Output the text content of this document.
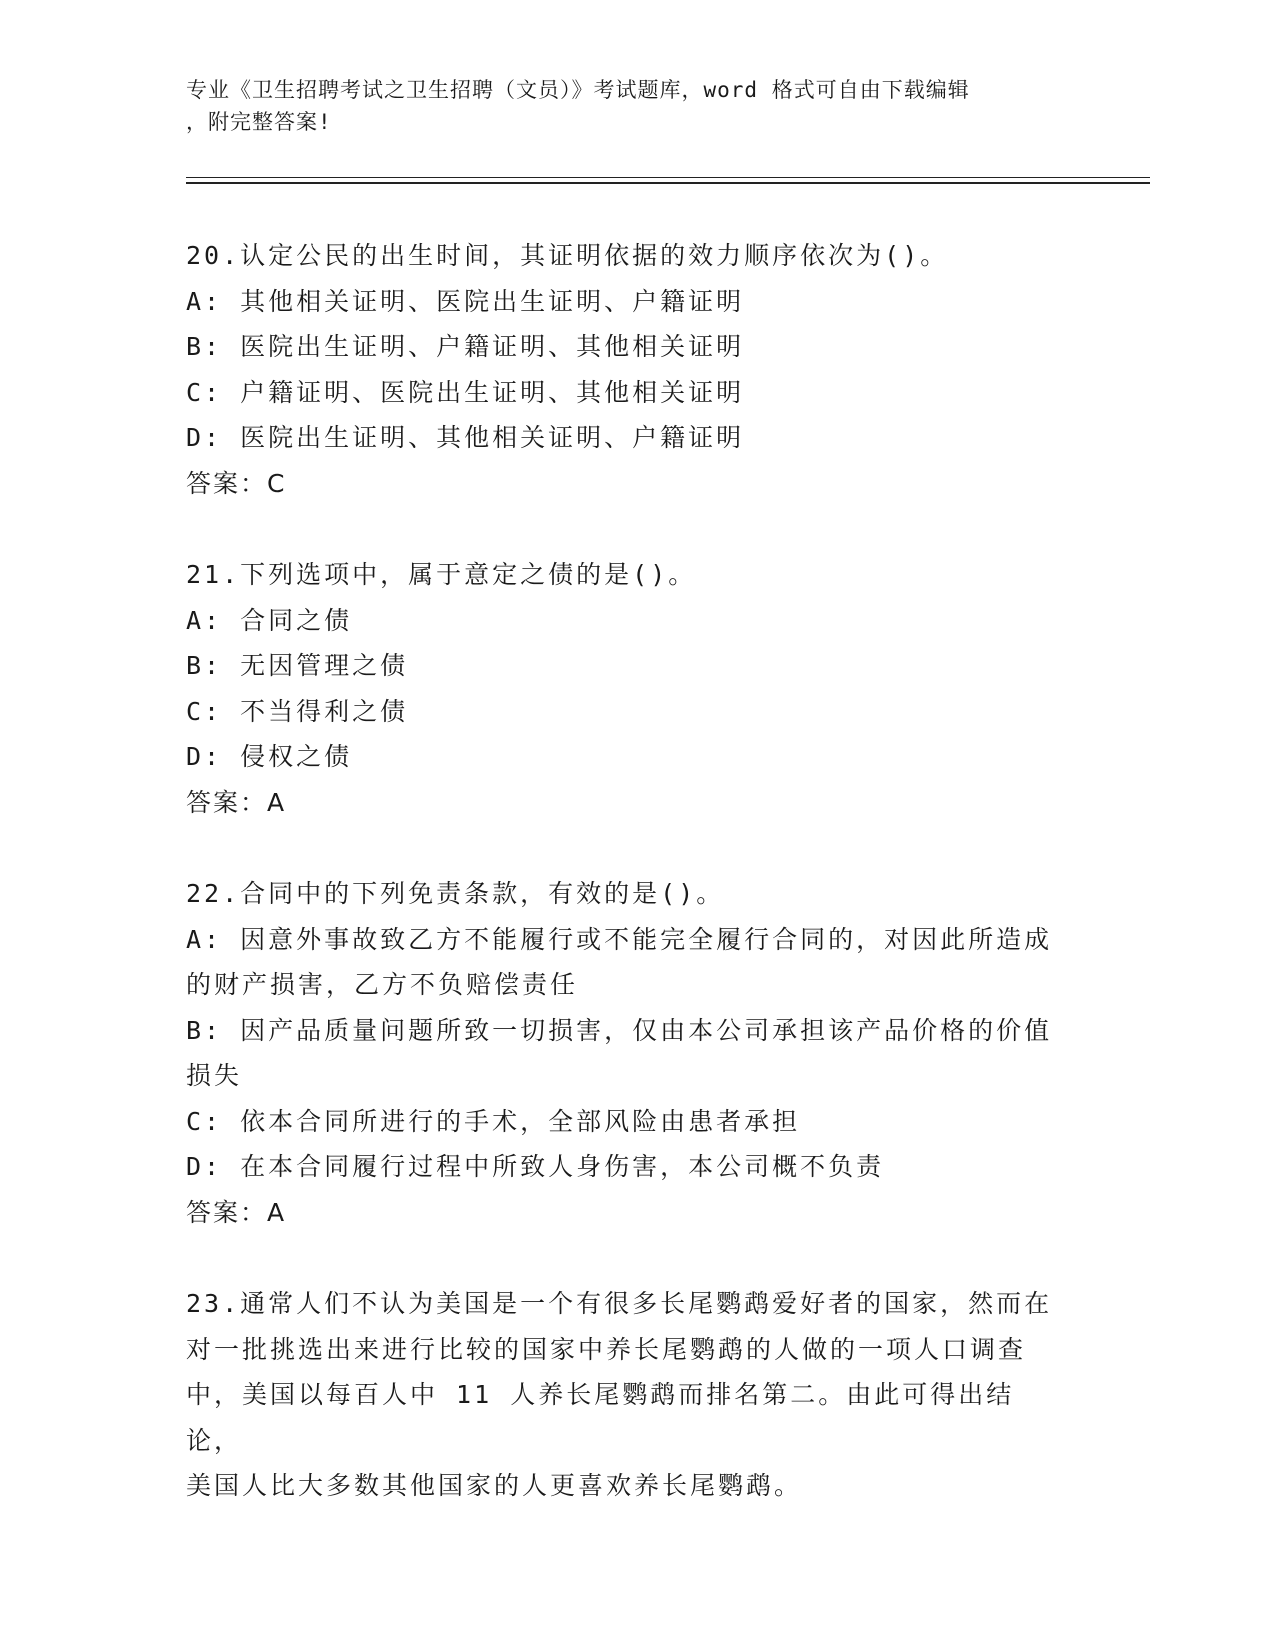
专业《卫生招聘考试之卫生招聘（文员）》考试题库，word 格式可自由下载编辑
，附完整答案!
20.认定公民的出生时间，其证明依据的效力顺序依次为()。
A: 其他相关证明、医院出生证明、户籍证明
B: 医院出生证明、户籍证明、其他相关证明
C: 户籍证明、医院出生证明、其他相关证明
D: 医院出生证明、其他相关证明、户籍证明
答案：C
21.下列选项中，属于意定之债的是()。
A: 合同之债
B: 无因管理之债
C: 不当得利之债
D: 侵权之债
答案：A
22.合同中的下列免责条款，有效的是()。
A: 因意外事故致乙方不能履行或不能完全履行合同的，对因此所造成
的财产损害，乙方不负赔偿责任
B: 因产品质量问题所致一切损害，仅由本公司承担该产品价格的价值
损失
C: 依本合同所进行的手术，全部风险由患者承担
D: 在本合同履行过程中所致人身伤害，本公司概不负责
答案：A
23.通常人们不认为美国是一个有很多长尾鹦鹉爱好者的国家，然而在
对一批挑选出来进行比较的国家中养长尾鹦鹉的人做的一项人口调查
中，美国以每百人中 11 人养长尾鹦鹉而排名第二。由此可得出结论，
美国人比大多数其他国家的人更喜欢养长尾鹦鹉。
